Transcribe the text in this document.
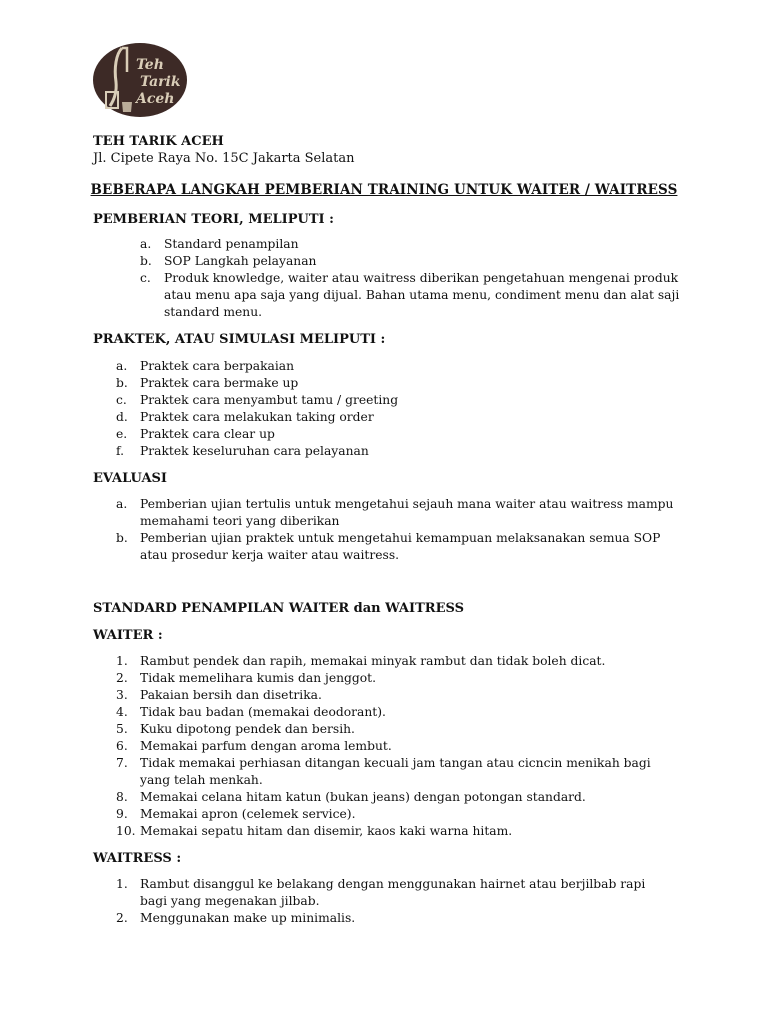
Teh
Tarik
Aceh
TEH TARIK ACEH
Jl. Cipete Raya No. 15C Jakarta Selatan
BEBERAPA LANGKAH PEMBERIAN TRAINING UNTUK WAITER / WAITRESS
PEMBERIAN TEORI, MELIPUTI :
a. Standard penampilan
b. SOP Langkah pelayanan
c. Produk knowledge, waiter atau waitress diberikan pengetahuan mengenai produk atau menu apa saja yang dijual. Bahan utama menu, condiment menu dan alat saji standard menu.
PRAKTEK, ATAU SIMULASI MELIPUTI :
a. Praktek cara berpakaian
b. Praktek cara bermake up
c. Praktek cara menyambut tamu / greeting
d. Praktek cara melakukan taking order
e. Praktek cara clear up
f. Praktek keseluruhan cara pelayanan
EVALUASI
a. Pemberian ujian tertulis untuk mengetahui sejauh mana waiter atau waitress mampu memahami teori yang diberikan
b. Pemberian ujian praktek untuk mengetahui kemampuan melaksanakan semua SOP atau prosedur kerja waiter atau waitress.
STANDARD PENAMPILAN WAITER dan WAITRESS
WAITER :
1. Rambut pendek dan rapih, memakai minyak rambut dan tidak boleh dicat.
2. Tidak memelihara kumis dan jenggot.
3. Pakaian bersih dan disetrika.
4. Tidak bau badan (memakai deodorant).
5. Kuku dipotong pendek dan bersih.
6. Memakai parfum dengan aroma lembut.
7. Tidak memakai perhiasan ditangan kecuali jam tangan atau cicncin menikah bagi yang telah menkah.
8. Memakai celana hitam katun (bukan jeans) dengan potongan standard.
9. Memakai apron (celemek service).
10. Memakai sepatu hitam dan disemir, kaos kaki warna hitam.
WAITRESS :
1. Rambut disanggul ke belakang dengan menggunakan hairnet atau berjilbab rapi bagi yang megenakan jilbab.
2. Menggunakan make up minimalis.
